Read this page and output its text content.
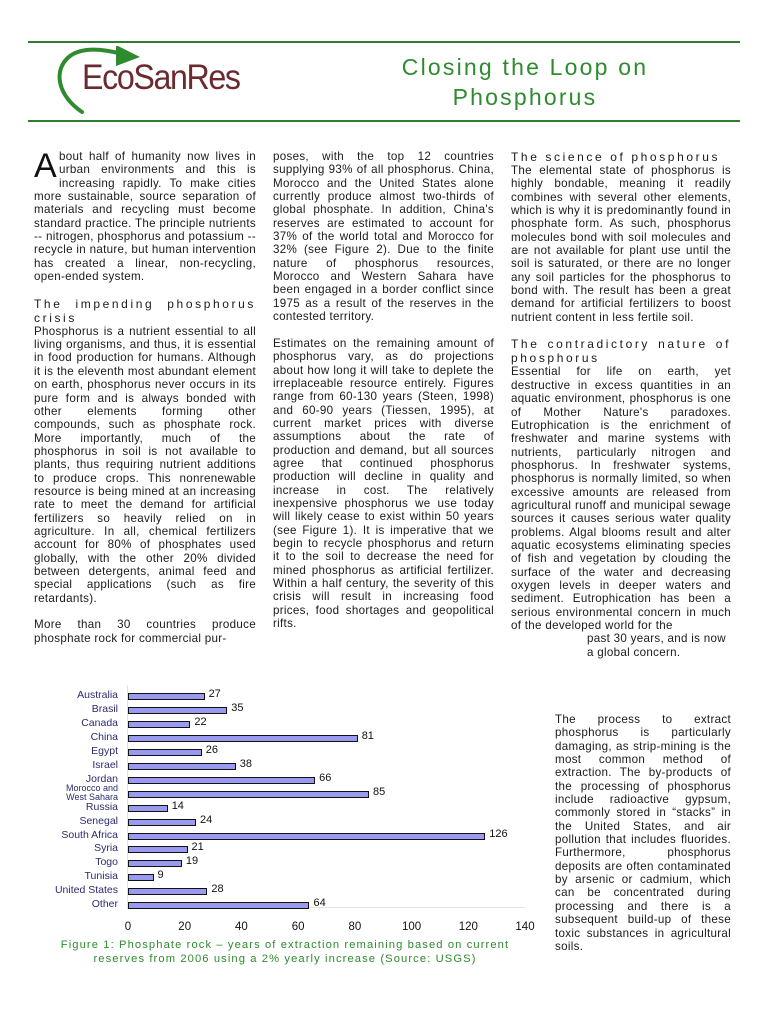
EcoSanRes	Closing the Loop on
Phosphorus

About half of humanity now lives in urban environments and this is increasing rapidly. To make cities more sustainable, source separation of materials and recycling must become standard practice. The principle nutrients -- nitrogen, phosphorus and potassium -- recycle in nature, but human intervention has created a linear, non-recycling, open-ended system.

The impending phosphorus crisis

Phosphorus is a nutrient essential to all living organisms, and thus, it is essential in food production for humans. Although it is the eleventh most abundant element on earth, phosphorus never occurs in its pure form and is always bonded with other elements forming other compounds, such as phosphate rock. More importantly, much of the phosphorus in soil is not available to plants, thus requiring nutrient additions to produce crops. This nonrenewable resource is being mined at an increasing rate to meet the demand for artificial fertilizers so heavily relied on in agriculture. In all, chemical fertilizers account for 80% of phosphates used globally, with the other 20% divided between detergents, animal feed and special applications (such as fire retardants).

More than 30 countries produce phosphate rock for commercial pur-

poses, with the top 12 countries supplying 93% of all phosphorus. China, Morocco and the United States alone currently produce almost two-thirds of global phosphate. In addition, China's reserves are estimated to account for 37% of the world total and Morocco for 32% (see Figure 2). Due to the finite nature of phosphorus resources, Morocco and Western Sahara have been engaged in a border conflict since 1975 as a result of the reserves in the contested territory.

Estimates on the remaining amount of phosphorus vary, as do projections about how long it will take to deplete the irreplaceable resource entirely. Figures range from 60-130 years (Steen, 1998) and 60-90 years (Tiessen, 1995), at current market prices with diverse assumptions about the rate of production and demand, but all sources agree that continued phosphorus production will decline in quality and increase in cost. The relatively inexpensive phosphorus we use today will likely cease to exist within 50 years (see Figure 1). It is imperative that we begin to recycle phosphorus and return it to the soil to decrease the need for mined phosphorus as artificial fertilizer. Within a half century, the severity of this crisis will result in increasing food prices, food shortages and geopolitical rifts.

The science of phosphorus

The elemental state of phosphorus is highly bondable, meaning it readily combines with several other elements, which is why it is predominantly found in phosphate form. As such, phosphorus molecules bond with soil molecules and are not available for plant use until the soil is saturated, or there are no longer any soil particles for the phosphorus to bond with. The result has been a great demand for artificial fertilizers to boost nutrient content in less fertile soil.

The contradictory nature of phosphorus

Essential for life on earth, yet destructive in excess quantities in an aquatic environment, phosphorus is one of Mother Nature's paradoxes. Eutrophication is the enrichment of freshwater and marine systems with nutrients, particularly nitrogen and phosphorus. In freshwater systems, phosphorus is normally limited, so when excessive amounts are released from agricultural runoff and municipal sewage sources it causes serious water quality problems. Algal blooms result and alter aquatic ecosystems eliminating species of fish and vegetation by clouding the surface of the water and decreasing oxygen levels in deeper waters and sediment. Eutrophication has been a serious environmental concern in much of the developed world for the

past 30 years, and is now a global concern.

The process to extract phosphorus is particularly damaging, as strip-mining is the most common method of extraction. The by-products of the processing of phosphorus include radioactive gypsum, commonly stored in “stacks” in the United States, and air pollution that includes fluorides. Furthermore, phosphorus deposits are often contaminated by arsenic or cadmium, which can be concentrated during processing and there is a subsequent build-up of these toxic substances in agricultural soils.

Australia	27
Brasil	35
Canada	22
China	81
Egypt	26
Israel	38
Jordan	66
Morocco and
West Sahara	85
Russia	14
Senegal	24
South Africa	126
Syria	21
Togo	19
Tunisia	9
United States	28
Other	64
0	20	40	60	80	100	120	140
Figure 1: Phosphate rock – years of extraction remaining based on current
reserves from 2006 using a 2% yearly increase (Source: USGS)
